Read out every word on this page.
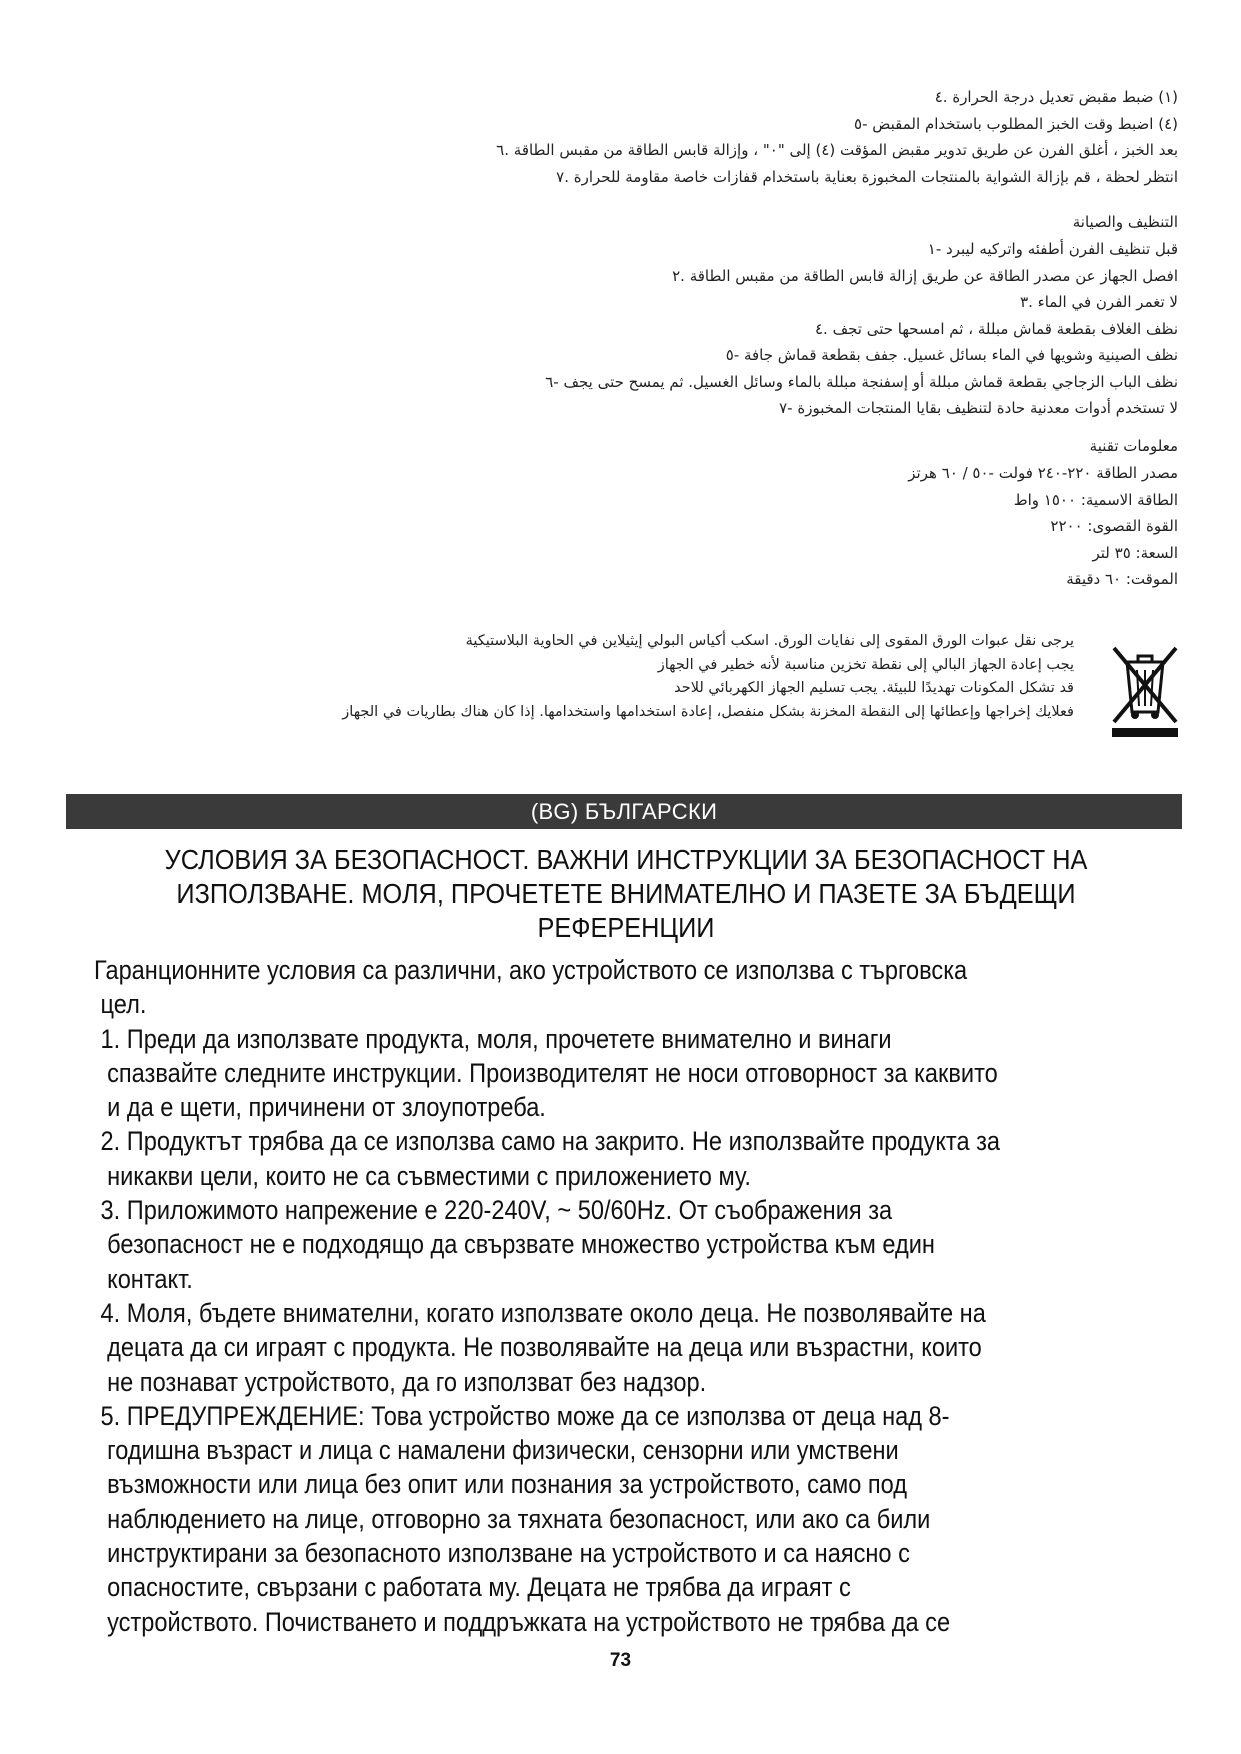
(١) ضبط مقبض تعديل درجة الحرارة .٤
(٤) اضبط وقت الخبز المطلوب باستخدام المقبض -٥
بعد الخبز ، أغلق الفرن عن طريق تدوير مقبض المؤقت (٤) إلى "٠" ، وإزالة قابس الطاقة من مقبس الطاقة .٦
انتظر لحظة ، قم بإزالة الشواية بالمنتجات المخبوزة بعناية باستخدام قفازات خاصة مقاومة للحرارة .٧
التنظيف والصيانة
قبل تنظيف الفرن أطفئه واتركيه ليبرد -١
افصل الجهاز عن مصدر الطاقة عن طريق إزالة قابس الطاقة من مقبس الطاقة .٢
لا تغمر الفرن في الماء .٣
نظف الغلاف بقطعة قماش مبللة ، ثم امسحها حتى تجف .٤
نظف الصينية وشويها في الماء بسائل غسيل. جفف بقطعة قماش جافة -٥
نظف الباب الزجاجي بقطعة قماش مبللة أو إسفنجة مبللة بالماء وسائل الغسيل. ثم يمسح حتى يجف -٦
لا تستخدم أدوات معدنية حادة لتنظيف بقايا المنتجات المخبوزة -٧
معلومات تقنية
مصدر الطاقة ٢٢٠-٢٤٠ فولت -٥٠ / ٦٠ هرتز
الطاقة الاسمية: ١٥٠٠ واط
القوة القصوى: ٢٢٠٠
السعة: ٣٥ لتر
الموقت: ٦٠ دقيقة
يرجى نقل عبوات الورق المقوى إلى نفايات الورق. اسكب أكياس البولي إيثيلاين في الحاوية البلاستيكية
يجب إعادة الجهاز البالي إلى نقطة تخزين مناسبة لأنه خطير في الجهاز
قد تشكل المكونات تهديدًا للبيئة. يجب تسليم الجهاز الكهربائي للاحد
فعلايك إخراجها وإعطائها إلى النقطة المخزنة بشكل منفصل، إعادة استخدامها واستخدامها. إذا كان هناك بطاريات في الجهاز
(BG) БЪЛГАРСКИ
УСЛОВИЯ ЗА БЕЗОПАСНОСТ. ВАЖНИ ИНСТРУКЦИИ ЗА БЕЗОПАСНОСТ НА
ИЗПОЛЗВАНЕ. МОЛЯ, ПРОЧЕТЕТЕ ВНИМАТЕЛНО И ПАЗЕТЕ ЗА БЪДЕЩИ
РЕФЕРЕНЦИИ
Гаранционните условия са различни, ако устройството се използва с търговска
цел.
1. Преди да използвате продукта, моля, прочетете внимателно и винаги
спазвайте следните инструкции. Производителят не носи отговорност за каквито
и да е щети, причинени от злоупотреба.
2. Продуктът трябва да се използва само на закрито. Не използвайте продукта за
никакви цели, които не са съвместими с приложението му.
3. Приложимото напрежение е 220-240V, ~ 50/60Hz. От съображения за
безопасност не е подходящо да свързвате множество устройства към един
контакт.
4. Моля, бъдете внимателни, когато използвате около деца. Не позволявайте на
децата да си играят с продукта. Не позволявайте на деца или възрастни, които
не познават устройството, да го използват без надзор.
5. ПРЕДУПРЕЖДЕНИЕ: Това устройство може да се използва от деца над 8-
годишна възраст и лица с намалени физически, сензорни или умствени
възможности или лица без опит или познания за устройството, само под
наблюдението на лице, отговорно за тяхната безопасност, или ако са били
инструктирани за безопасното използване на устройството и са наясно с
опасностите, свързани с работата му. Децата не трябва да играят с
устройството. Почистването и поддръжката на устройството не трябва да се
73
